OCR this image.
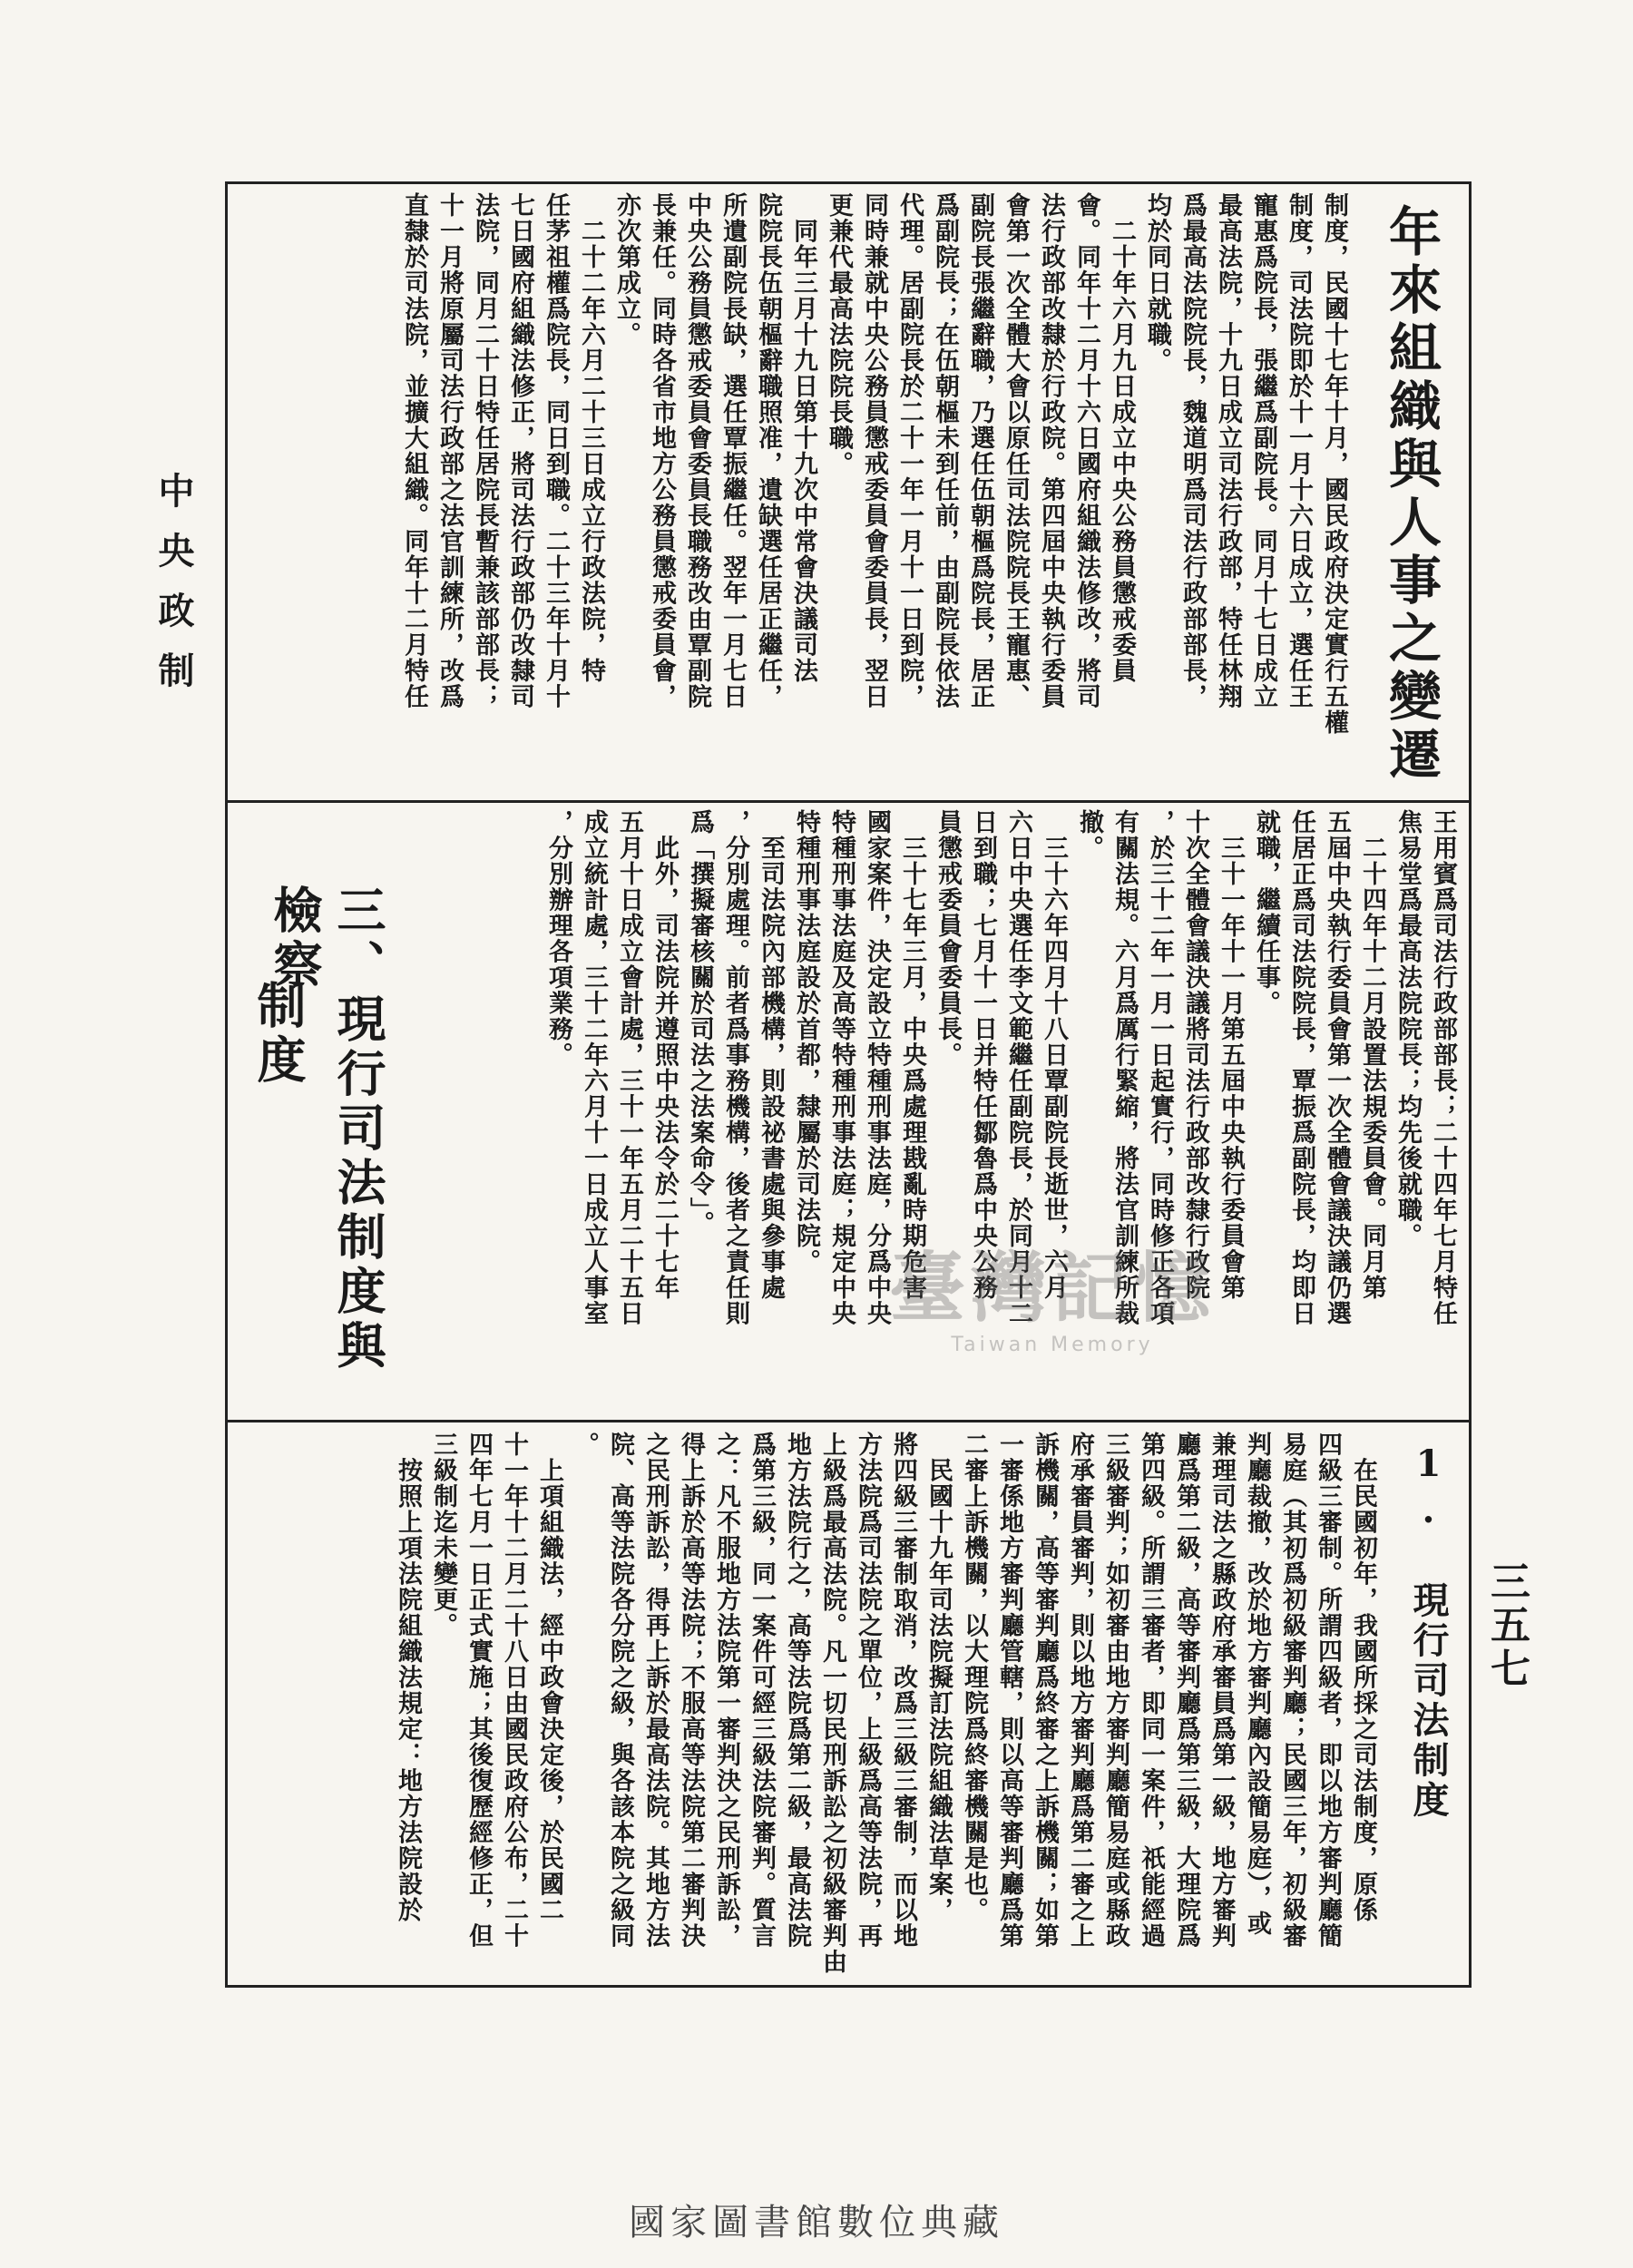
中央政制
三五七
年來組織與人事之變遷
制度，民國十七年十月，國民政府決定實行五權
制度，司法院即於十一月十六日成立，選任王
寵惠爲院長，張繼爲副院長。同月十七日成立
最高法院，十九日成立司法行政部，特任林翔
爲最高法院院長，魏道明爲司法行政部部長，
均於同日就職。
　二十年六月九日成立中央公務員懲戒委員
會。同年十二月十六日國府組織法修改，將司
法行政部改隸於行政院。第四屆中央執行委員
會第一次全體大會以原任司法院院長王寵惠、
副院長張繼辭職，乃選任伍朝樞爲院長，居正
爲副院長；在伍朝樞未到任前，由副院長依法
代理。居副院長於二十一年一月十一日到院，
同時兼就中央公務員懲戒委員會委員長，翌日
更兼代最高法院院長職。
　同年三月十九日第十九次中常會決議司法
院院長伍朝樞辭職照准，遺缺選任居正繼任，
所遺副院長缺，選任覃振繼任。翌年一月七日
中央公務員懲戒委員會委員長職務改由覃副院
長兼任。同時各省市地方公務員懲戒委員會，
亦次第成立。
　二十二年六月二十三日成立行政法院，特
任茅祖權爲院長，同日到職。二十三年十月十
七日國府組織法修正，將司法行政部仍改隸司
法院，同月二十日特任居院長暫兼該部部長；
十一月將原屬司法行政部之法官訓練所，改爲
直隸於司法院，並擴大組織。同年十二月特任
王用賓爲司法行政部部長；二十四年七月特任
焦易堂爲最高法院院長；均先後就職。
　二十四年十二月設置法規委員會。同月第
五屆中央執行委員會第一次全體會議決議仍選
任居正爲司法院院長，覃振爲副院長，均即日
就職，繼續任事。
　三十一年十一月第五屆中央執行委員會第
十次全體會議決議將司法行政部改隸行政院
，於三十二年一月一日起實行，同時修正各項
有關法規。六月爲厲行緊縮，將法官訓練所裁
撤。
　三十六年四月十八日覃副院長逝世，六月
六日中央選任李文範繼任副院長，於同月十二
日到職；七月十一日并特任鄒魯爲中央公務
員懲戒委員會委員長。
　三十七年三月，中央爲處理戡亂時期危害
國家案件，決定設立特種刑事法庭，分爲中央
特種刑事法庭及高等特種刑事法庭；規定中央
特種刑事法庭設於首都，隸屬於司法院。
　至司法院內部機構，則設祕書處與參事處
，分別處理。前者爲事務機構，後者之責任則
爲「撰擬審核關於司法之法案命令」。
　此外，司法院并遵照中央法令於二十七年
五月十日成立會計處，三十一年五月二十五日
成立統計處，三十二年六月十一日成立人事室
，分別辦理各項業務。
三、現行司法制度與檢察
制度
1. 現行司法制度
　在民國初年，我國所採之司法制度，原係
四級三審制。所謂四級者，即以地方審判廳簡
易庭（其初爲初級審判廳；民國三年，初級審
判廳裁撤，改於地方審判廳內設簡易庭），或
兼理司法之縣政府承審員爲第一級，地方審判
廳爲第二級，高等審判廳爲第三級，大理院爲
第四級。所謂三審者，即同一案件，祇能經過
三級審判；如初審由地方審判廳簡易庭或縣政
府承審員審判，則以地方審判廳爲第二審之上
訴機關，高等審判廳爲終審之上訴機關；如第
一審係地方審判廳管轄，則以高等審判廳爲第
二審上訴機關，以大理院爲終審機關是也。
　民國十九年司法院擬訂法院組織法草案，
將四級三審制取消，改爲三級三審制，而以地
方法院爲司法院之單位，上級爲高等法院，再
上級爲最高法院。凡一切民刑訴訟之初級審判由
地方法院行之，高等法院爲第二級，最高法院
爲第三級，同一案件可經三級法院審判。質言
之：凡不服地方法院第一審判決之民刑訴訟，
得上訴於高等法院；不服高等法院第二審判決
之民刑訴訟，得再上訴於最高法院。其地方法
院、高等法院各分院之級，與各該本院之級同
。
　上項組織法，經中政會決定後，於民國二
十一年十二月二十八日由國民政府公布，二十
四年七月一日正式實施；其後復歷經修正，但
三級制迄未變更。
　按照上項法院組織法規定：地方法院設於
臺灣記憶
Taiwan Memory
國家圖書館數位典藏
